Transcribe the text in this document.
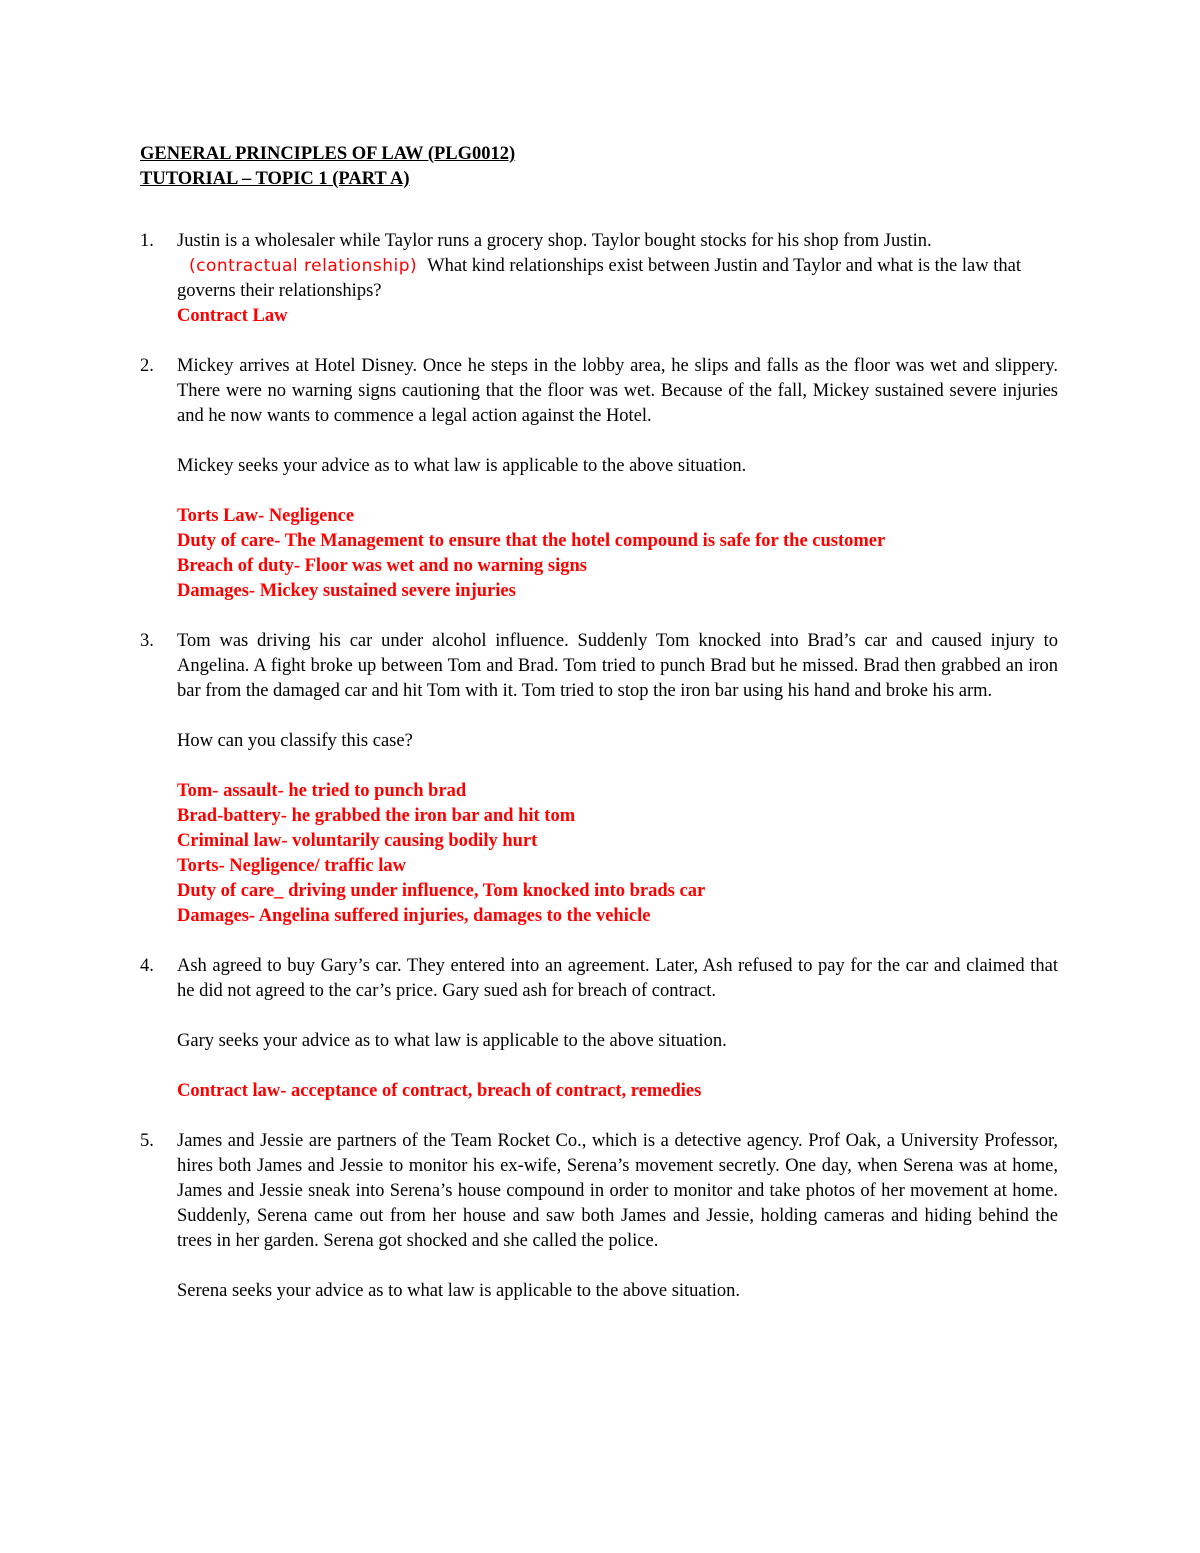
GENERAL PRINCIPLES OF LAW (PLG0012)

TUTORIAL – TOPIC 1 (PART A)

1. Justin is a wholesaler while Taylor runs a grocery shop. Taylor bought stocks for his shop from Justin.
(contractual relationship) What kind relationships exist between Justin and Taylor and what is the law that governs their relationships?

Contract Law

2. Mickey arrives at Hotel Disney. Once he steps in the lobby area, he slips and falls as the floor was wet and slippery. There were no warning signs cautioning that the floor was wet. Because of the fall, Mickey sustained severe injuries and he now wants to commence a legal action against the Hotel.

Mickey seeks your advice as to what law is applicable to the above situation.

Torts Law- Negligence

Duty of care- The Management to ensure that the hotel compound is safe for the customer

Breach of duty- Floor was wet and no warning signs

Damages- Mickey sustained severe injuries

3. Tom was driving his car under alcohol influence. Suddenly Tom knocked into Brad’s car and caused injury to Angelina. A fight broke up between Tom and Brad. Tom tried to punch Brad but he missed. Brad then grabbed an iron bar from the damaged car and hit Tom with it. Tom tried to stop the iron bar using his hand and broke his arm.

How can you classify this case?

Tom- assault- he tried to punch brad

Brad-battery- he grabbed the iron bar and hit tom

Criminal law- voluntarily causing bodily hurt

Torts- Negligence/ traffic law

Duty of care_ driving under influence, Tom knocked into brads car

Damages- Angelina suffered injuries, damages to the vehicle

4. Ash agreed to buy Gary’s car. They entered into an agreement. Later, Ash refused to pay for the car and claimed that he did not agreed to the car’s price. Gary sued ash for breach of contract.

Gary seeks your advice as to what law is applicable to the above situation.

Contract law- acceptance of contract, breach of contract, remedies

5. James and Jessie are partners of the Team Rocket Co., which is a detective agency. Prof Oak, a University Professor, hires both James and Jessie to monitor his ex-wife, Serena’s movement secretly. One day, when Serena was at home, James and Jessie sneak into Serena’s house compound in order to monitor and take photos of her movement at home. Suddenly, Serena came out from her house and saw both James and Jessie, holding cameras and hiding behind the trees in her garden. Serena got shocked and she called the police.

Serena seeks your advice as to what law is applicable to the above situation.
